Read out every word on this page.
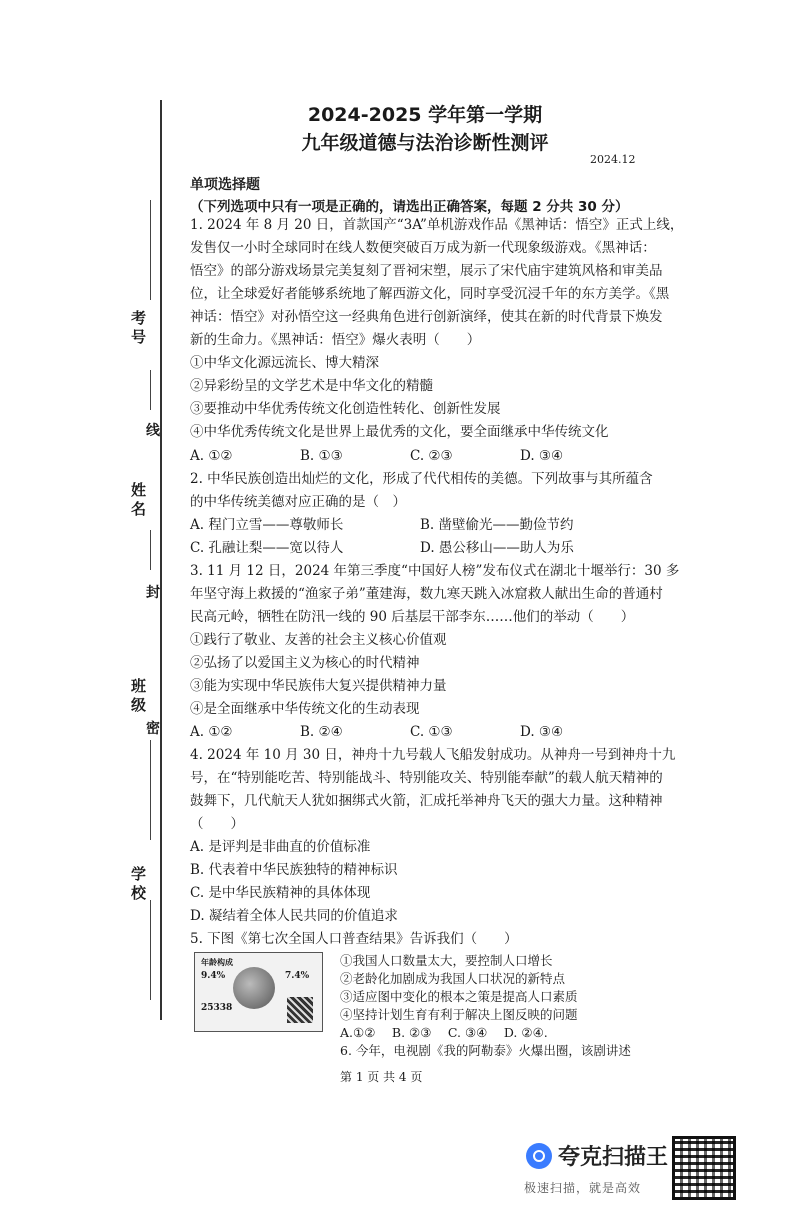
考号
线
姓名
封
班级
密
学校
2024-2025 学年第一学期
九年级道德与法治诊断性测评
2024.12
单项选择题
（下列选项中只有一项是正确的，请选出正确答案，每题 2 分共 30 分）
1. 2024 年 8 月 20 日，首款国产“3A”单机游戏作品《黑神话：悟空》正式上线，
发售仅一小时全球同时在线人数便突破百万成为新一代现象级游戏。《黑神话：
悟空》的部分游戏场景完美复刻了晋祠宋塑，展示了宋代庙宇建筑风格和审美品
位，让全球爱好者能够系统地了解西游文化，同时享受沉浸千年的东方美学。《黑
神话：悟空》对孙悟空这一经典角色进行创新演绎，使其在新的时代背景下焕发
新的生命力。《黑神话：悟空》爆火表明（　　）
①中华文化源远流长、博大精深
②异彩纷呈的文学艺术是中华文化的精髓
③要推动中华优秀传统文化创造性转化、创新性发展
④中华优秀传统文化是世界上最优秀的文化，要全面继承中华传统文化
A. ①②	B. ①③	C. ②③	D. ③④
2. 中华民族创造出灿烂的文化，形成了代代相传的美德。下列故事与其所蕴含
的中华传统美德对应正确的是（　）
A. 程门立雪——尊敬师长	B. 凿壁偷光——勤俭节约
C. 孔融让梨——宽以待人	D. 愚公移山——助人为乐
3. 11 月 12 日，2024 年第三季度“中国好人榜”发布仪式在湖北十堰举行：30 多
年坚守海上救援的“渔家子弟”董建海，数九寒天跳入冰窟救人献出生命的普通村
民高元岭，牺牲在防汛一线的 90 后基层干部李东……他们的举动（　　）
①践行了敬业、友善的社会主义核心价值观
②弘扬了以爱国主义为核心的时代精神
③能为实现中华民族伟大复兴提供精神力量
④是全面继承中华传统文化的生动表现
A. ①②	B. ②④	C. ①③	D. ③④
4. 2024 年 10 月 30 日，神舟十九号载人飞船发射成功。从神舟一号到神舟十九
号，在“特别能吃苦、特别能战斗、特别能攻关、特别能奉献”的载人航天精神的
鼓舞下，几代航天人犹如捆绑式火箭，汇成托举神舟飞天的强大力量。这种精神
（　　）
A. 是评判是非曲直的价值标准
B. 代表着中华民族独特的精神标识
C. 是中华民族精神的具体体现
D. 凝结着全体人民共同的价值追求
5. 下图《第七次全国人口普查结果》告诉我们（　　）
年龄构成
9.4%	7.4%
25338
①我国人口数量太大，要控制人口增长
②老龄化加剧成为我国人口状况的新特点
③适应图中变化的根本之策是提高人口素质
④坚持计划生育有利于解决上图反映的问题
A.①②　 B. ②③　 C. ③④　 D. ②④.
6. 今年，电视剧《我的阿勒泰》火爆出圈，该剧讲述
第 1 页 共 4 页
夸克扫描王
极速扫描，就是高效
